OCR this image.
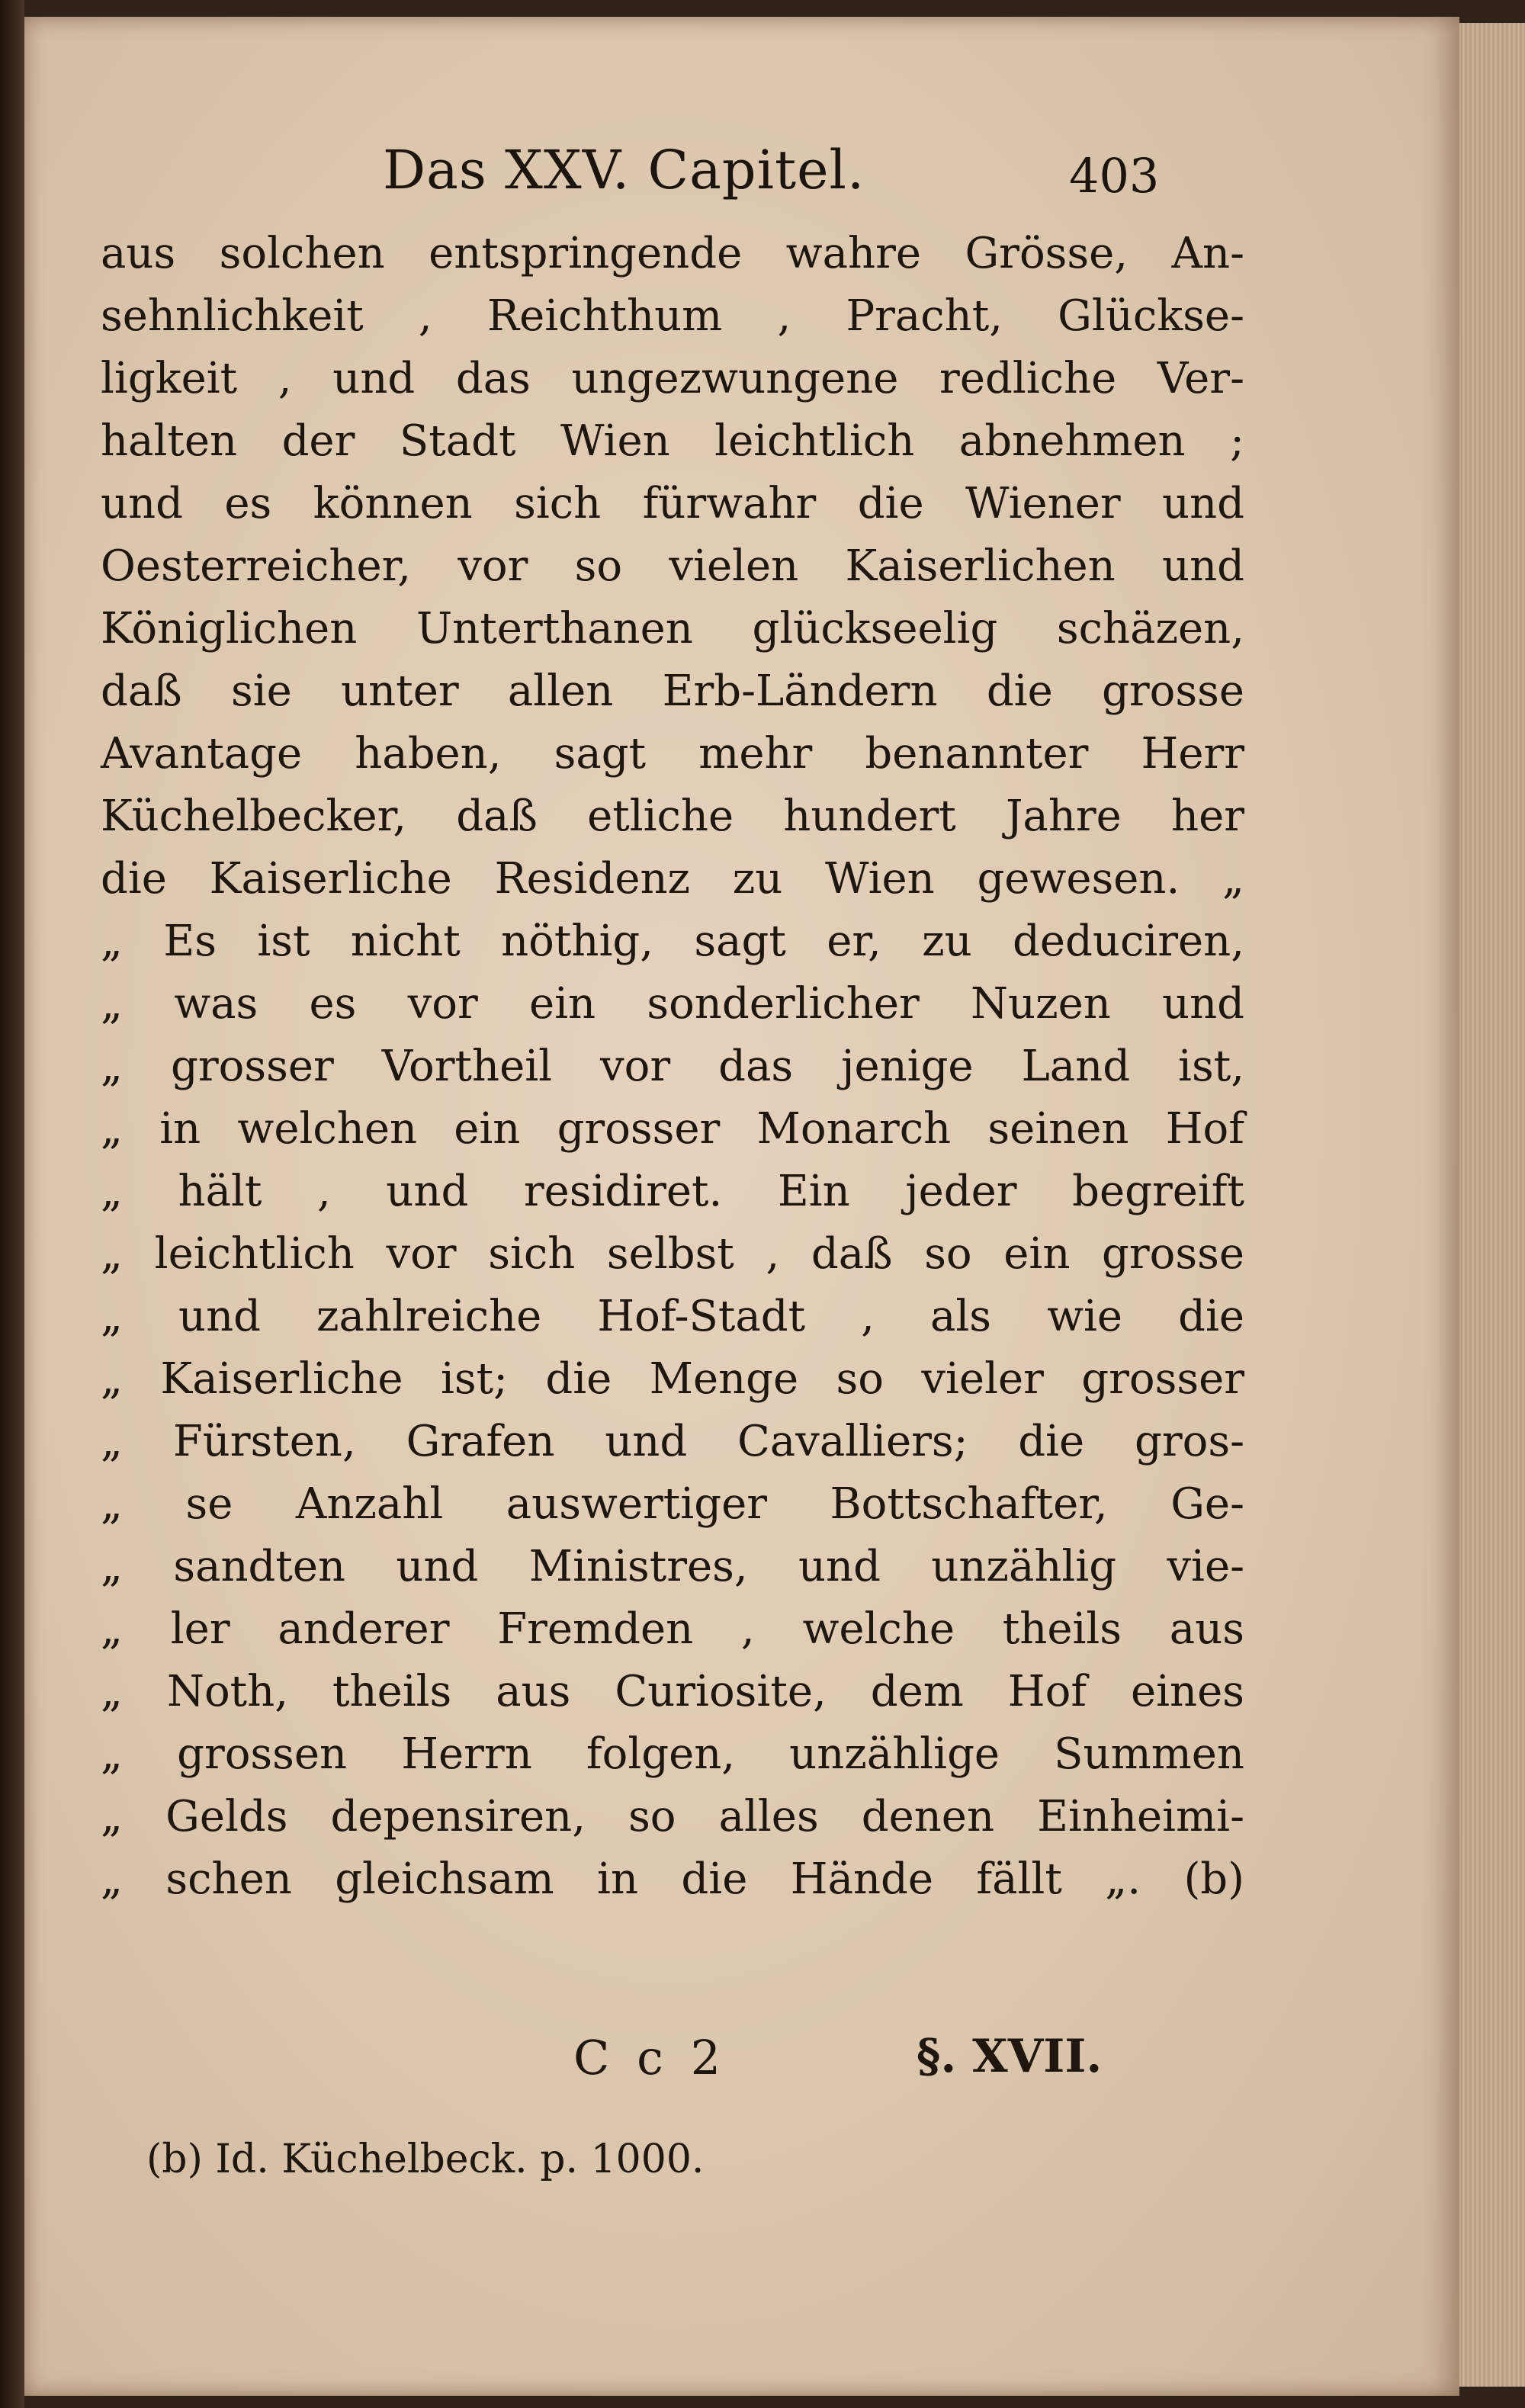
Das XXV. Capitel.	403
aus solchen entspringende wahre Grösse, An-
sehnlichkeit , Reichthum , Pracht, Glückse-
ligkeit , und das ungezwungene redliche Ver-
halten der Stadt Wien leichtlich abnehmen ;
und es können sich fürwahr die Wiener und
Oesterreicher, vor so vielen Kaiserlichen und
Königlichen Unterthanen glückseelig schäzen,
daß sie unter allen Erb-Ländern die grosse
Avantage haben, sagt mehr benannter Herr
Küchelbecker, daß etliche hundert Jahre her
die Kaiserliche Residenz zu Wien gewesen. „
„ Es ist nicht nöthig, sagt er, zu deduciren,
„ was es vor ein sonderlicher Nuzen und
„ grosser Vortheil vor das jenige Land ist,
„ in welchen ein grosser Monarch seinen Hof
„ hält , und residiret. Ein jeder begreift
„ leichtlich vor sich selbst , daß so ein grosse
„ und zahlreiche Hof-Stadt , als wie die
„ Kaiserliche ist; die Menge so vieler grosser
„ Fürsten, Grafen und Cavalliers; die gros-
„ se Anzahl auswertiger Bottschafter, Ge-
„ sandten und Ministres, und unzählig vie-
„ ler anderer Fremden , welche theils aus
„ Noth, theils aus Curiosite, dem Hof eines
„ grossen Herrn folgen, unzählige Summen
„ Gelds depensiren, so alles denen Einheimi-
„ schen gleichsam in die Hände fällt „. (b)
C c 2	§. XVII.
(b) Id. Küchelbeck. p. 1000.
